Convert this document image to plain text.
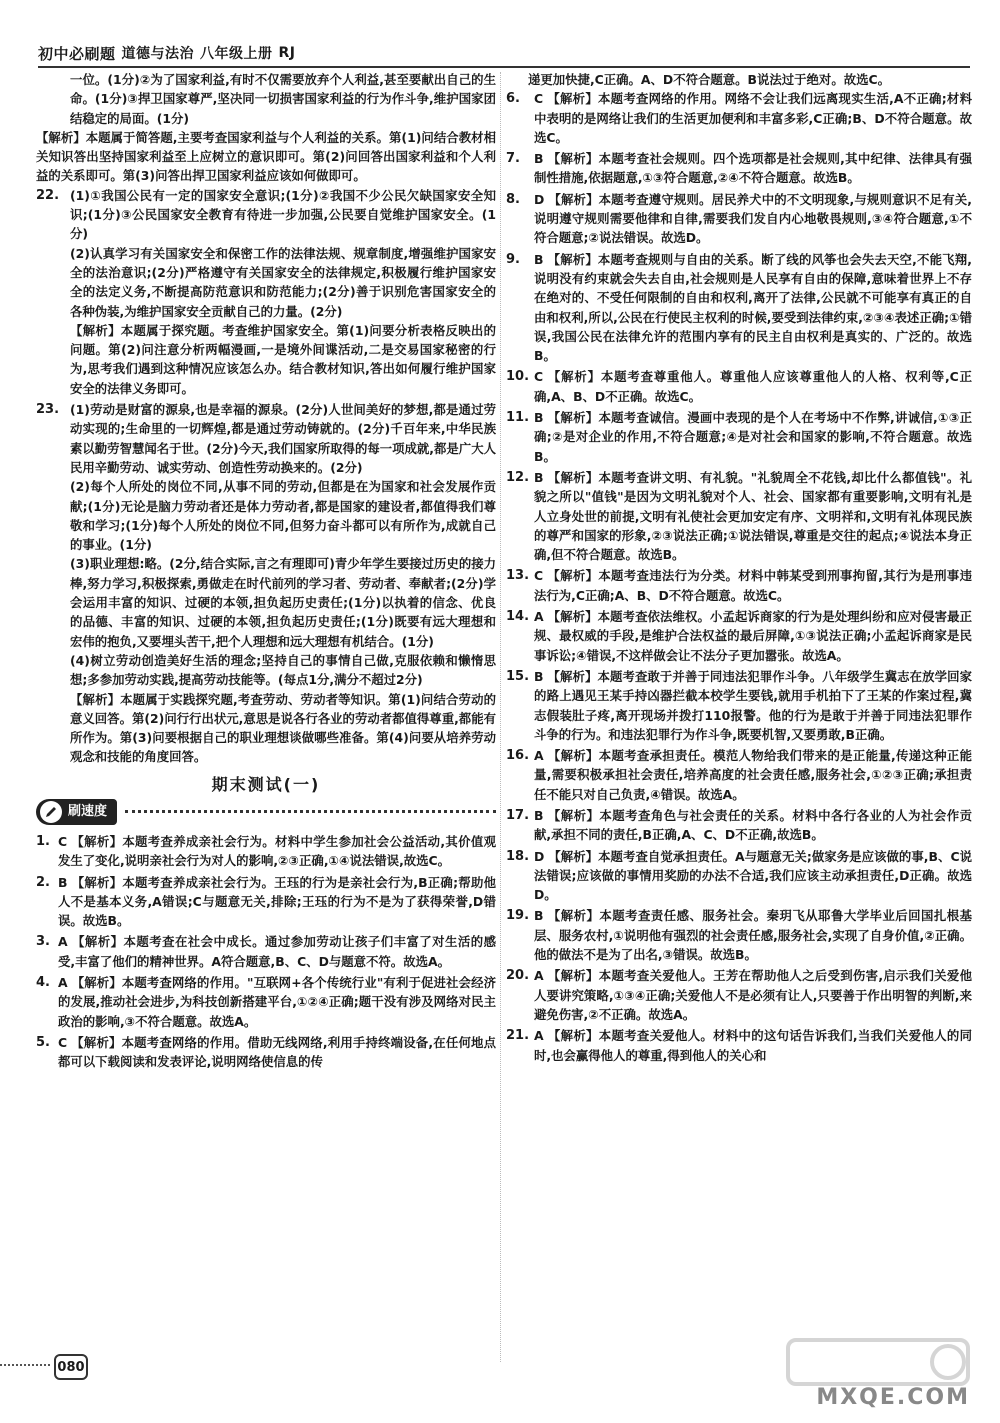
初中必刷题 道德与法治 八年级上册 RJ

一位。(1分)②为了国家利益,有时不仅需要放弃个人利益,甚至要献出自己的生命。(1分)③捍卫国家尊严,坚决同一切损害国家利益的行为作斗争,维护国家团结稳定的局面。(1分)

【解析】本题属于简答题,主要考查国家利益与个人利益的关系。第(1)问结合教材相关知识答出坚持国家利益至上应树立的意识即可。第(2)问回答出国家利益和个人利益的关系即可。第(3)问答出捍卫国家利益应该如何做即可。

22. (1)①我国公民有一定的国家安全意识;(1分)②我国不少公民欠缺国家安全知识;(1分)③公民国家安全教育有待进一步加强,公民要自觉维护国家安全。(1分)

(2)认真学习有关国家安全和保密工作的法律法规、规章制度,增强维护国家安全的法治意识;(2分)严格遵守有关国家安全的法律规定,积极履行维护国家安全的法定义务,不断提高防范意识和防范能力;(2分)善于识别危害国家安全的各种伪装,为维护国家安全贡献自己的力量。(2分)

【解析】本题属于探究题。考查维护国家安全。第(1)问要分析表格反映出的问题。第(2)问注意分析两幅漫画,一是境外间谍活动,二是交易国家秘密的行为,思考我们遇到这种情况应该怎么办。结合教材知识,答出如何履行维护国家安全的法律义务即可。

23. (1)劳动是财富的源泉,也是幸福的源泉。(2分)人世间美好的梦想,都是通过劳动实现的;生命里的一切辉煌,都是通过劳动铸就的。(2分)千百年来,中华民族素以勤劳智慧闻名于世。(2分)今天,我们国家所取得的每一项成就,都是广大人民用辛勤劳动、诚实劳动、创造性劳动换来的。(2分)

(2)每个人所处的岗位不同,从事不同的劳动,但都是在为国家和社会发展作贡献;(1分)无论是脑力劳动者还是体力劳动者,都是国家的建设者,都值得我们尊敬和学习;(1分)每个人所处的岗位不同,但努力奋斗都可以有所作为,成就自己的事业。(1分)

(3)职业理想:略。(2分,结合实际,言之有理即可)青少年学生要接过历史的接力棒,努力学习,积极探索,勇做走在时代前列的学习者、劳动者、奉献者;(2分)学会运用丰富的知识、过硬的本领,担负起历史责任;(1分)以执着的信念、优良的品德、丰富的知识、过硬的本领,担负起历史责任;(1分)既要有远大理想和宏伟的抱负,又要埋头苦干,把个人理想和远大理想有机结合。(1分)

(4)树立劳动创造美好生活的理念;坚持自己的事情自己做,克服依赖和懒惰思想;多参加劳动实践,提高劳动技能等。(每点1分,满分不超过2分)

【解析】本题属于实践探究题,考查劳动、劳动者等知识。第(1)问结合劳动的意义回答。第(2)问行行出状元,意思是说各行各业的劳动者都值得尊重,都能有所作为。第(3)问要根据自己的职业理想谈做哪些准备。第(4)问要从培养劳动观念和技能的角度回答。

期末测试(一)
刷速度
1. C 【解析】本题考查养成亲社会行为。材料中学生参加社会公益活动,其价值观发生了变化,说明亲社会行为对人的影响,②③正确,①④说法错误,故选C。
2. B 【解析】本题考查养成亲社会行为。王珏的行为是亲社会行为,B正确;帮助他人不是基本义务,A错误;C与题意无关,排除;王珏的行为不是为了获得荣誉,D错误。故选B。
3. A 【解析】本题考查在社会中成长。通过参加劳动让孩子们丰富了对生活的感受,丰富了他们的精神世界。A符合题意,B、C、D与题意不符。故选A。
4. A 【解析】本题考查网络的作用。"互联网+各个传统行业"有利于促进社会经济的发展,推动社会进步,为科技创新搭建平台,①②④正确;题干没有涉及网络对民主政治的影响,③不符合题意。故选A。
5. C 【解析】本题考查网络的作用。借助无线网络,利用手持终端设备,在任何地点都可以下载阅读和发表评论,说明网络使信息的传

递更加快捷,C正确。A、D不符合题意。B说法过于绝对。故选C。

6.	C 【解析】本题考查网络的作用。网络不会让我们远离现实生活,A不正确;材料中表明的是网络让我们的生活更加便利和丰富多彩,C正确;B、D不符合题意。故选C。
7.	B 【解析】本题考查社会规则。四个选项都是社会规则,其中纪律、法律具有强制性措施,依据题意,①③符合题意,②④不符合题意。故选B。
8.	D 【解析】本题考查遵守规则。居民养犬中的不文明现象,与规则意识不足有关,说明遵守规则需要他律和自律,需要我们发自内心地敬畏规则,③④符合题意,①不符合题意;②说法错误。故选D。
9.	B 【解析】本题考查规则与自由的关系。断了线的风筝也会失去天空,不能飞翔,说明没有约束就会失去自由,社会规则是人民享有自由的保障,意味着世界上不存在绝对的、不受任何限制的自由和权利,离开了法律,公民就不可能享有真正的自由和权利,所以,公民在行使民主权利的时候,要受到法律约束,②③④表述正确;①错误,我国公民在法律允许的范围内享有的民主自由权利是真实的、广泛的。故选B。
10. C 【解析】本题考查尊重他人。尊重他人应该尊重他人的人格、权利等,C正确,A、B、D不正确。故选C。
11. B 【解析】本题考查诚信。漫画中表现的是个人在考场中不作弊,讲诚信,①③正确;②是对企业的作用,不符合题意;④是对社会和国家的影响,不符合题意。故选B。
12. B 【解析】本题考查讲文明、有礼貌。"礼貌周全不花钱,却比什么都值钱"。礼貌之所以"值钱"是因为文明礼貌对个人、社会、国家都有重要影响,文明有礼是人立身处世的前提,文明有礼使社会更加安定有序、文明祥和,文明有礼体现民族的尊严和国家的形象,②③说法正确;①说法错误,尊重是交往的起点;④说法本身正确,但不符合题意。故选B。
13. C 【解析】本题考查违法行为分类。材料中韩某受到刑事拘留,其行为是刑事违法行为,C正确;A、B、D不符合题意。故选C。
14. A 【解析】本题考查依法维权。小孟起诉商家的行为是处理纠纷和应对侵害最正规、最权威的手段,是维护合法权益的最后屏障,①③说法正确;小孟起诉商家是民事诉讼;④错误,不这样做会让不法分子更加嚣张。故选A。
15. B 【解析】本题考查敢于并善于同违法犯罪作斗争。八年级学生冀志在放学回家的路上遇见王某手持凶器拦截本校学生要钱,就用手机拍下了王某的作案过程,冀志假装肚子疼,离开现场并拨打110报警。他的行为是敢于并善于同违法犯罪作斗争的行为。和违法犯罪行为作斗争,既要机智,又要勇敢,B正确。
16. A 【解析】本题考查承担责任。模范人物给我们带来的是正能量,传递这种正能量,需要积极承担社会责任,培养高度的社会责任感,服务社会,①②③正确;承担责任不能只对自己负责,④错误。故选A。
17. B 【解析】本题考查角色与社会责任的关系。材料中各行各业的人为社会作贡献,承担不同的责任,B正确,A、C、D不正确,故选B。
18. D 【解析】本题考查自觉承担责任。A与题意无关;做家务是应该做的事,B、C说法错误;应该做的事情用奖励的办法不合适,我们应该主动承担责任,D正确。故选D。
19. B 【解析】本题考查责任感、服务社会。秦玥飞从耶鲁大学毕业后回国扎根基层、服务农村,①说明他有强烈的社会责任感,服务社会,实现了自身价值,②正确。他的做法不是为了出名,③错误。故选B。
20. A 【解析】本题考查关爱他人。王芳在帮助他人之后受到伤害,启示我们关爱他人要讲究策略,①③④正确;关爱他人不是必须有让人,只要善于作出明智的判断,来避免伤害,②不正确。故选A。
21. A 【解析】本题考查关爱他人。材料中的这句话告诉我们,当我们关爱他人的同时,也会赢得他人的尊重,得到他人的关心和
080
MXQE.COM
